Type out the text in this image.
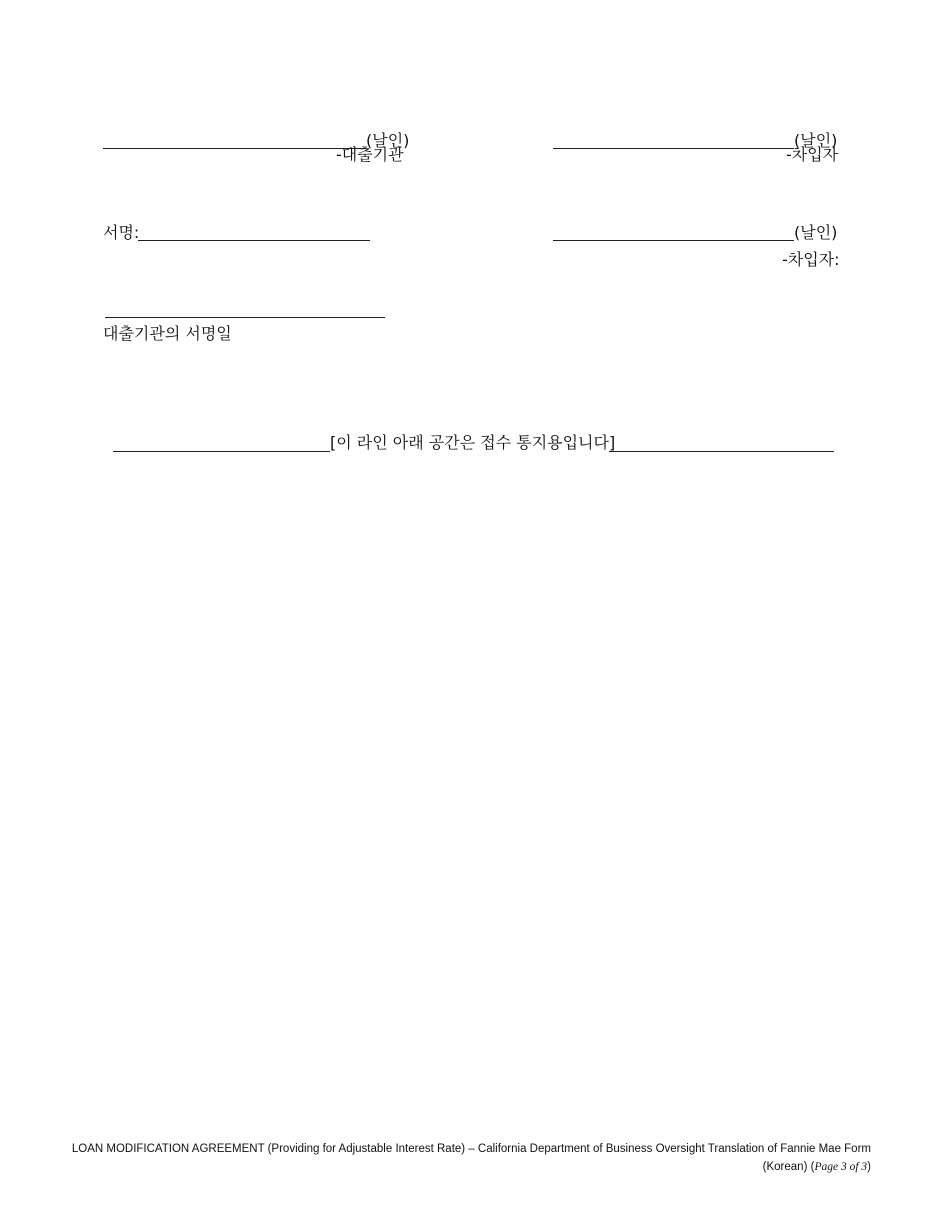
(날인)
-대출기관
(날인)
-차입자
서명:	(날인)
-차입자:
대출기관의 서명일
[이 라인 아래 공간은 접수 통지용입니다]
LOAN MODIFICATION AGREEMENT (Providing for Adjustable Interest Rate) – California Department of Business Oversight Translation of Fannie Mae Form
(Korean) (Page 3 of 3)
